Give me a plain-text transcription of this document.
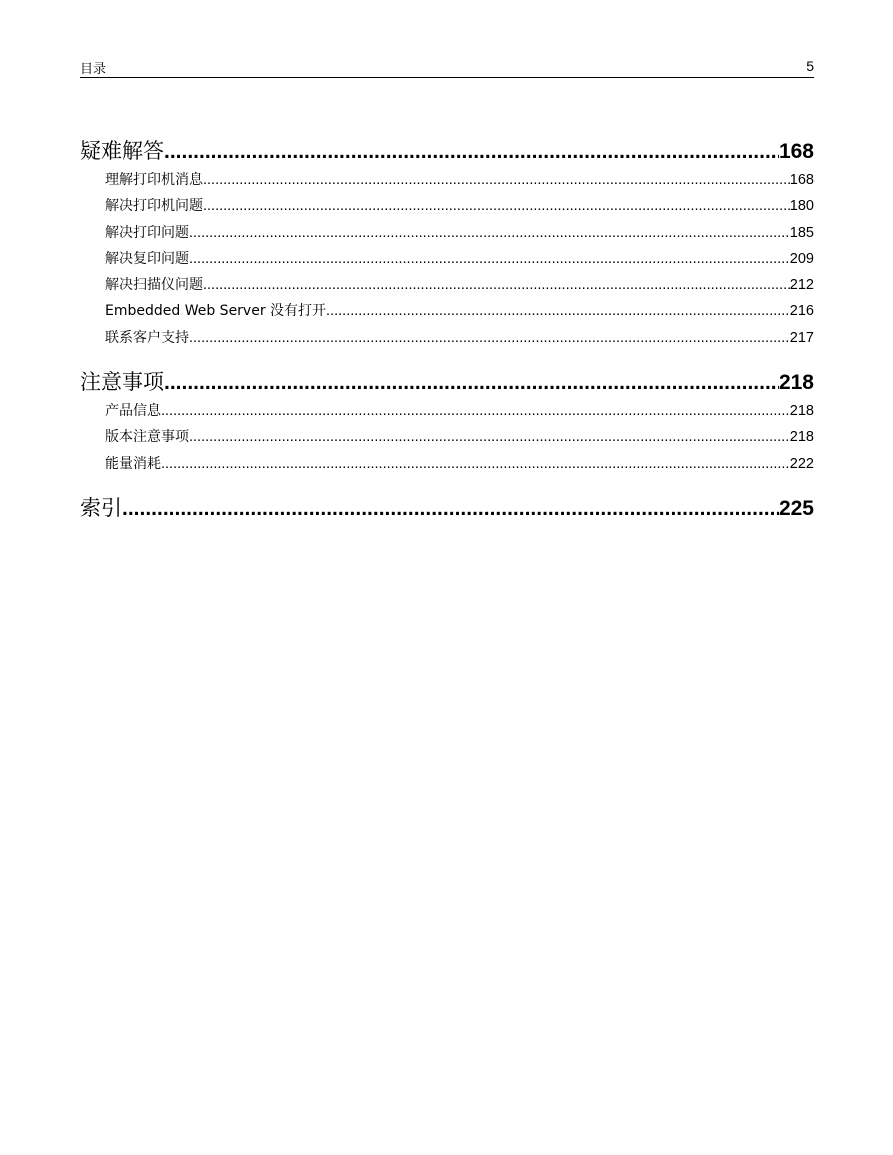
目录	5
疑难解答 .....	168
理解打印机消息 .....	168
解决打印机问题 .....	180
解决打印问题 .....	185
解决复印问题 .....	209
解决扫描仪问题 .....	212
Embedded Web Server 没有打开 .....	216
联系客户支持 .....	217
注意事项 .....	218
产品信息 .....	218
版本注意事项 .....	218
能量消耗 .....	222
索引 .....	225
